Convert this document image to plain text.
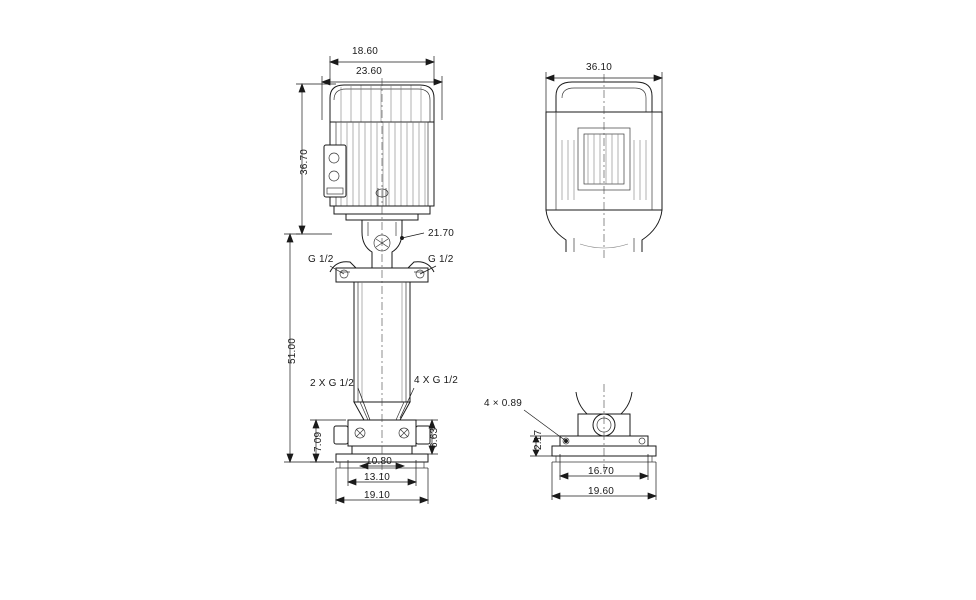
18.60
23.60
36.70
51.00
7.09	6.63
21.70
G 1/2	G 1/2
2 X G 1/2	4 X G 1/2
10.80
13.10
19.10
36.10
4 × 0.89
2.17
16.70
19.60
